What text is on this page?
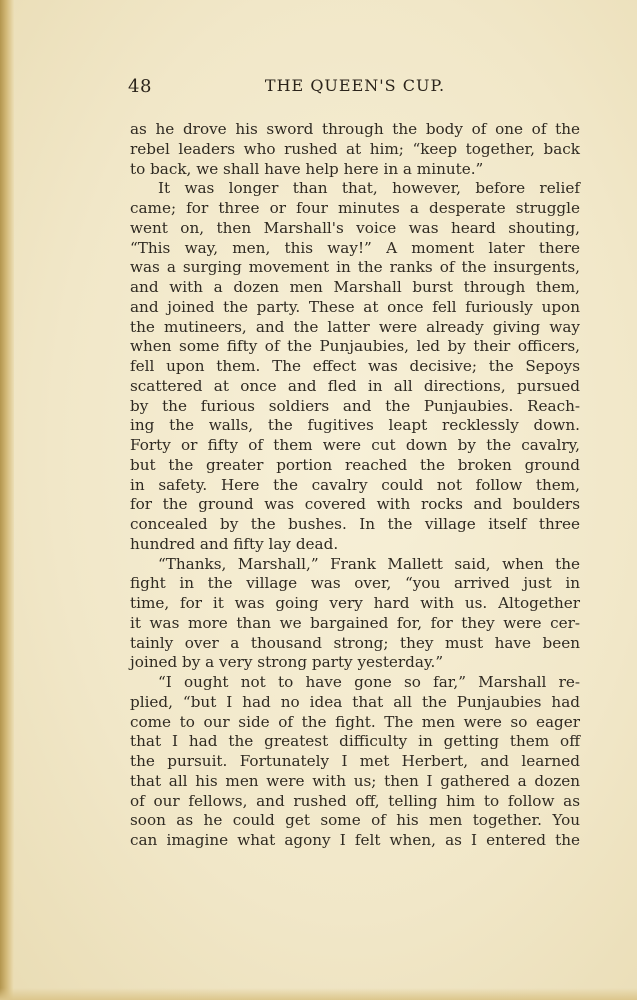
48	THE QUEEN'S CUP.
as he drove his sword through the body of one of the
rebel leaders who rushed at him; “keep together, back
to back, we shall have help here in a minute.”
It was longer than that, however, before relief
came; for three or four minutes a desperate struggle
went on, then Marshall's voice was heard shouting,
“This way, men, this way!” A moment later there
was a surging movement in the ranks of the insurgents,
and with a dozen men Marshall burst through them,
and joined the party. These at once fell furiously upon
the mutineers, and the latter were already giving way
when some fifty of the Punjaubies, led by their officers,
fell upon them. The effect was decisive; the Sepoys
scattered at once and fled in all directions, pursued
by the furious soldiers and the Punjaubies. Reach-
ing the walls, the fugitives leapt recklessly down.
Forty or fifty of them were cut down by the cavalry,
but the greater portion reached the broken ground
in safety. Here the cavalry could not follow them,
for the ground was covered with rocks and boulders
concealed by the bushes. In the village itself three
hundred and fifty lay dead.
“Thanks, Marshall,” Frank Mallett said, when the
fight in the village was over, “you arrived just in
time, for it was going very hard with us. Altogether
it was more than we bargained for, for they were cer-
tainly over a thousand strong; they must have been
joined by a very strong party yesterday.”
“I ought not to have gone so far,” Marshall re-
plied, “but I had no idea that all the Punjaubies had
come to our side of the fight. The men were so eager
that I had the greatest difficulty in getting them off
the pursuit. Fortunately I met Herbert, and learned
that all his men were with us; then I gathered a dozen
of our fellows, and rushed off, telling him to follow as
soon as he could get some of his men together. You
can imagine what agony I felt when, as I entered the
